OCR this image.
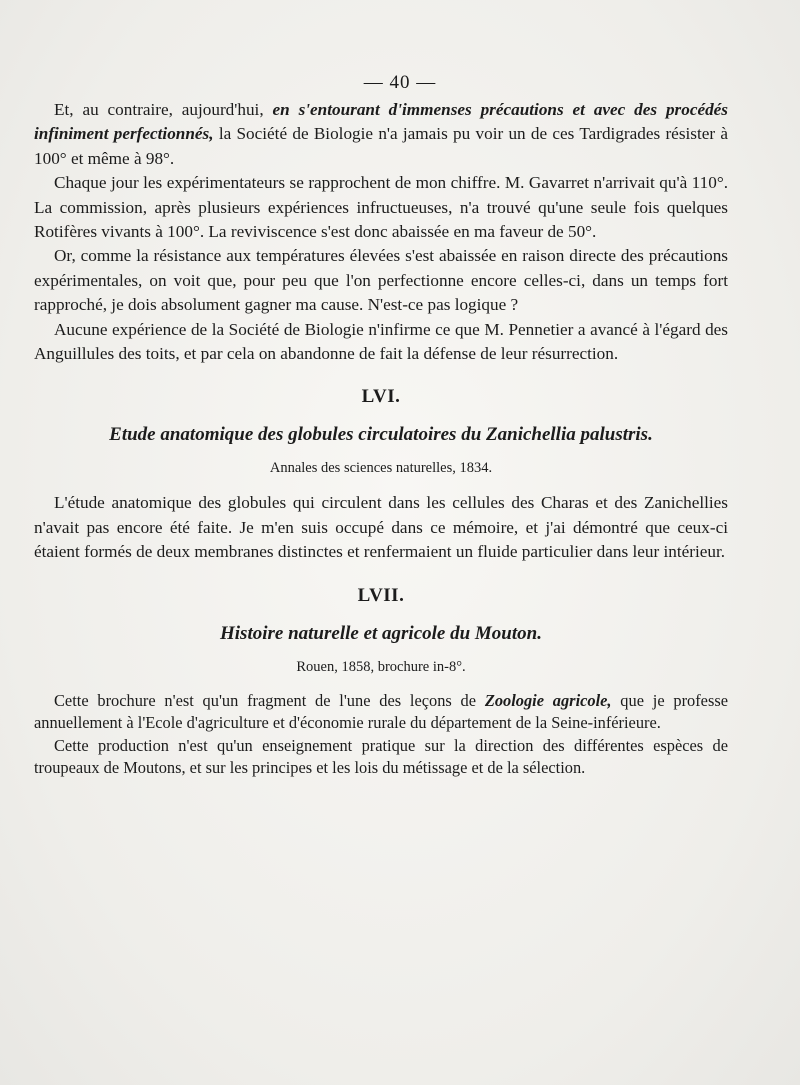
— 40 —

Et, au contraire, aujourd'hui, en s'entourant d'immenses précautions et avec des procédés infiniment perfectionnés, la Société de Biologie n'a jamais pu voir un de ces Tardigrades résister à 100° et même à 98°.

Chaque jour les expérimentateurs se rapprochent de mon chiffre. M. Gavarret n'arrivait qu'à 110°. La commission, après plusieurs expériences infructueuses, n'a trouvé qu'une seule fois quelques Rotifères vivants à 100°. La reviviscence s'est donc abaissée en ma faveur de 50°.

Or, comme la résistance aux températures élevées s'est abaissée en raison directe des précautions expérimentales, on voit que, pour peu que l'on perfectionne encore celles-ci, dans un temps fort rapproché, je dois absolument gagner ma cause. N'est-ce pas logique ?

Aucune expérience de la Société de Biologie n'infirme ce que M. Pennetier a avancé à l'égard des Anguillules des toits, et par cela on abandonne de fait la défense de leur résurrection.

LVI.
Etude anatomique des globules circulatoires du Zanichellia palustris.
Annales des sciences naturelles, 1834.

L'étude anatomique des globules qui circulent dans les cellules des Charas et des Zanichellies n'avait pas encore été faite. Je m'en suis occupé dans ce mémoire, et j'ai démontré que ceux-ci étaient formés de deux membranes distinctes et renfermaient un fluide particulier dans leur intérieur.

LVII.
Histoire naturelle et agricole du Mouton.
Rouen, 1858, brochure in-8°.

Cette brochure n'est qu'un fragment de l'une des leçons de Zoologie agricole, que je professe annuellement à l'Ecole d'agriculture et d'économie rurale du département de la Seine-inférieure.

Cette production n'est qu'un enseignement pratique sur la direction des différentes espèces de troupeaux de Moutons, et sur les principes et les lois du métissage et de la sélection.
